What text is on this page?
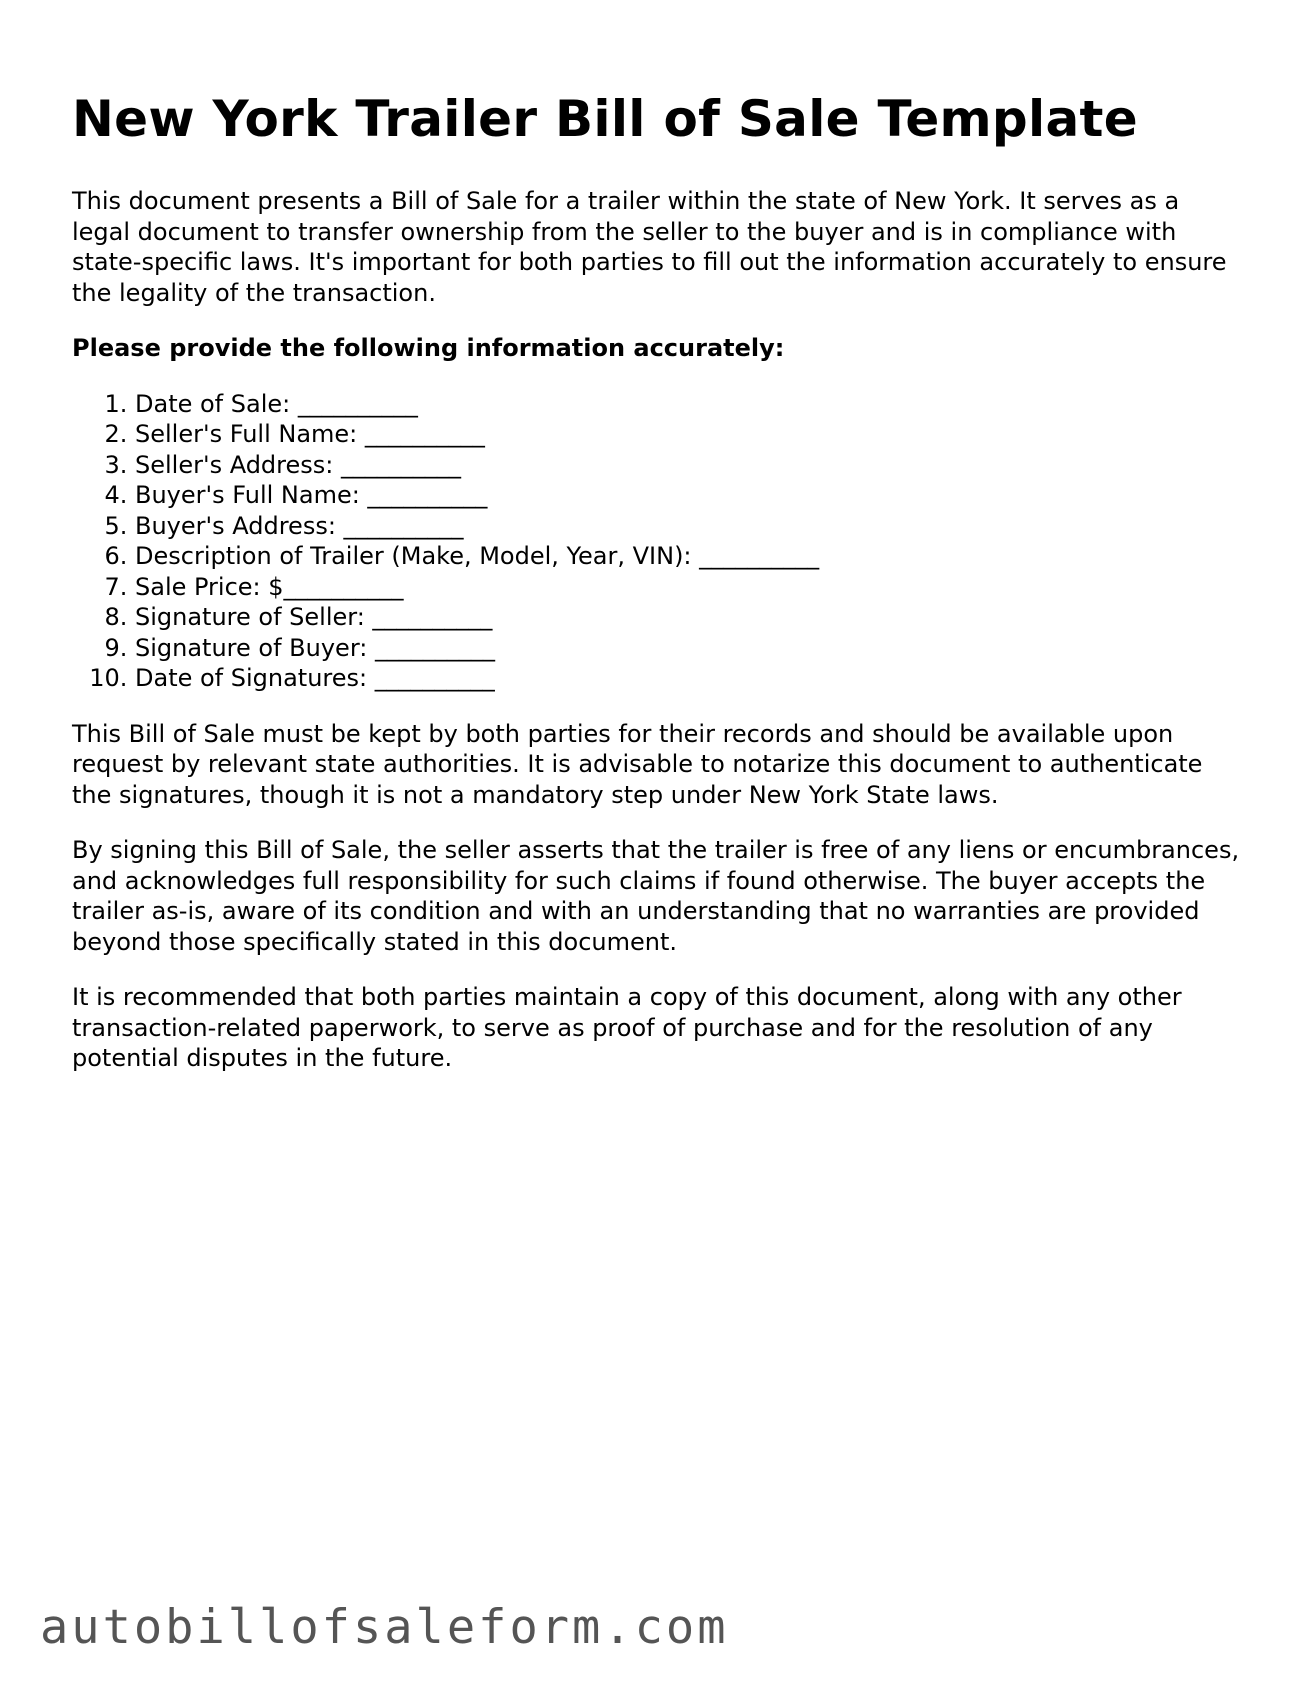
New York Trailer Bill of Sale Template

This document presents a Bill of Sale for a trailer within the state of New York. It serves as a legal document to transfer ownership from the seller to the buyer and is in compliance with state-specific laws. It's important for both parties to fill out the information accurately to ensure the legality of the transaction.

Please provide the following information accurately:

1. Date of Sale: __________
2. Seller's Full Name: __________
3. Seller's Address: __________
4. Buyer's Full Name: __________
5. Buyer's Address: __________
6. Description of Trailer (Make, Model, Year, VIN): __________
7. Sale Price: $__________
8. Signature of Seller: __________
9. Signature of Buyer: __________
10. Date of Signatures: __________

This Bill of Sale must be kept by both parties for their records and should be available upon request by relevant state authorities. It is advisable to notarize this document to authenticate the signatures, though it is not a mandatory step under New York State laws.

By signing this Bill of Sale, the seller asserts that the trailer is free of any liens or encumbrances, and acknowledges full responsibility for such claims if found otherwise. The buyer accepts the trailer as-is, aware of its condition and with an understanding that no warranties are provided beyond those specifically stated in this document.

It is recommended that both parties maintain a copy of this document, along with any other transaction-related paperwork, to serve as proof of purchase and for the resolution of any potential disputes in the future.

autobillofsaleform.com
